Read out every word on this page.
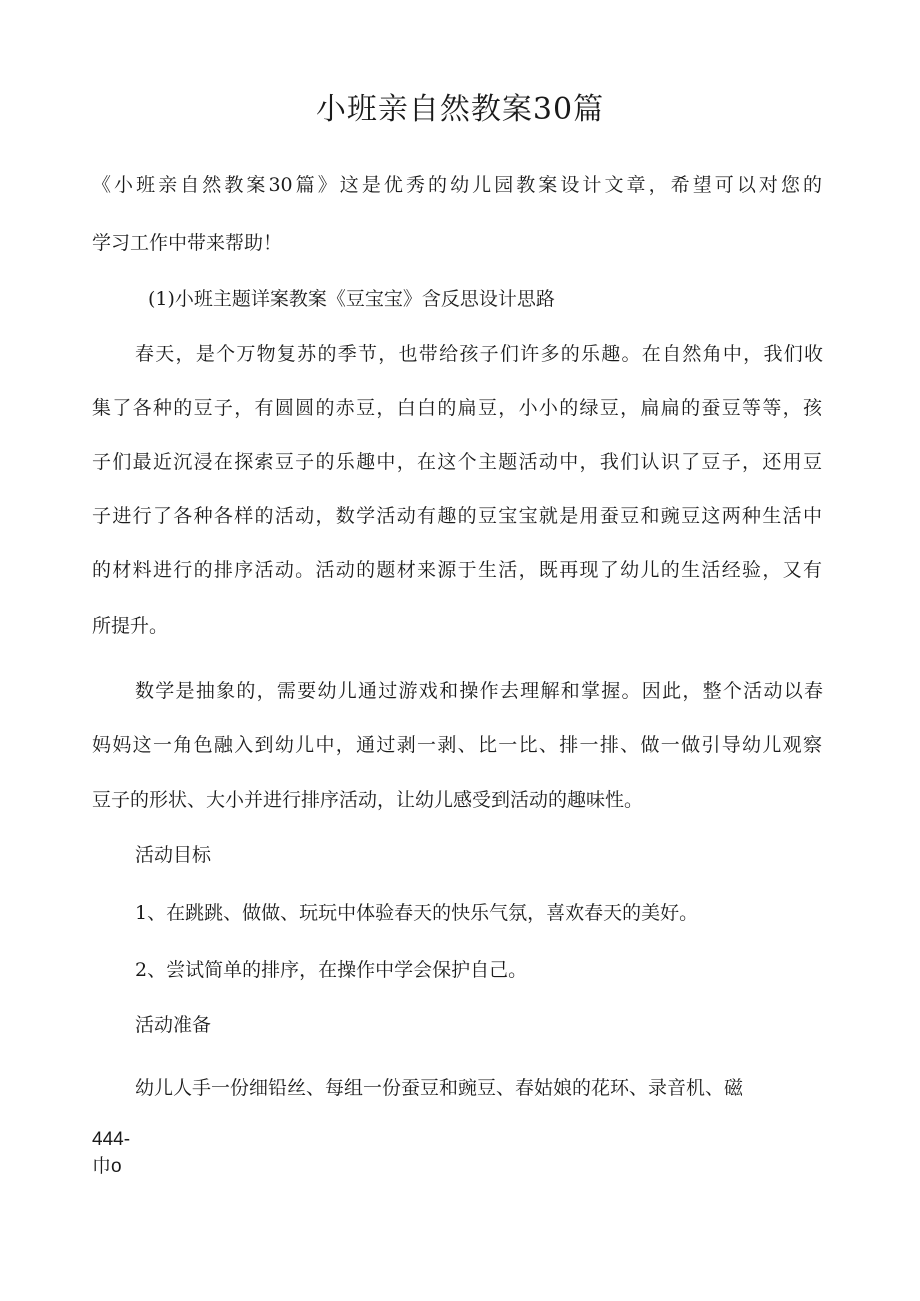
小班亲自然教案30篇
《小班亲自然教案30篇》这是优秀的幼儿园教案设计文章，希望可以对您的
学习工作中带来帮助！
(1)小班主题详案教案《豆宝宝》含反思设计思路
春天，是个万物复苏的季节，也带给孩子们许多的乐趣。在自然角中，我们收
集了各种的豆子，有圆圆的赤豆，白白的扁豆，小小的绿豆，扁扁的蚕豆等等，孩
子们最近沉浸在探索豆子的乐趣中，在这个主题活动中，我们认识了豆子，还用豆
子进行了各种各样的活动，数学活动有趣的豆宝宝就是用蚕豆和豌豆这两种生活中
的材料进行的排序活动。活动的题材来源于生活，既再现了幼儿的生活经验，又有
所提升。
数学是抽象的，需要幼儿通过游戏和操作去理解和掌握。因此，整个活动以春
妈妈这一角色融入到幼儿中，通过剥一剥、比一比、排一排、做一做引导幼儿观察
豆子的形状、大小并进行排序活动，让幼儿感受到活动的趣味性。
活动目标
1、在跳跳、做做、玩玩中体验春天的快乐气氛，喜欢春天的美好。
2、尝试简单的排序，在操作中学会保护自己。
活动准备
幼儿人手一份细铅丝、每组一份蚕豆和豌豆、春姑娘的花环、录音机、磁
444-
巾o
